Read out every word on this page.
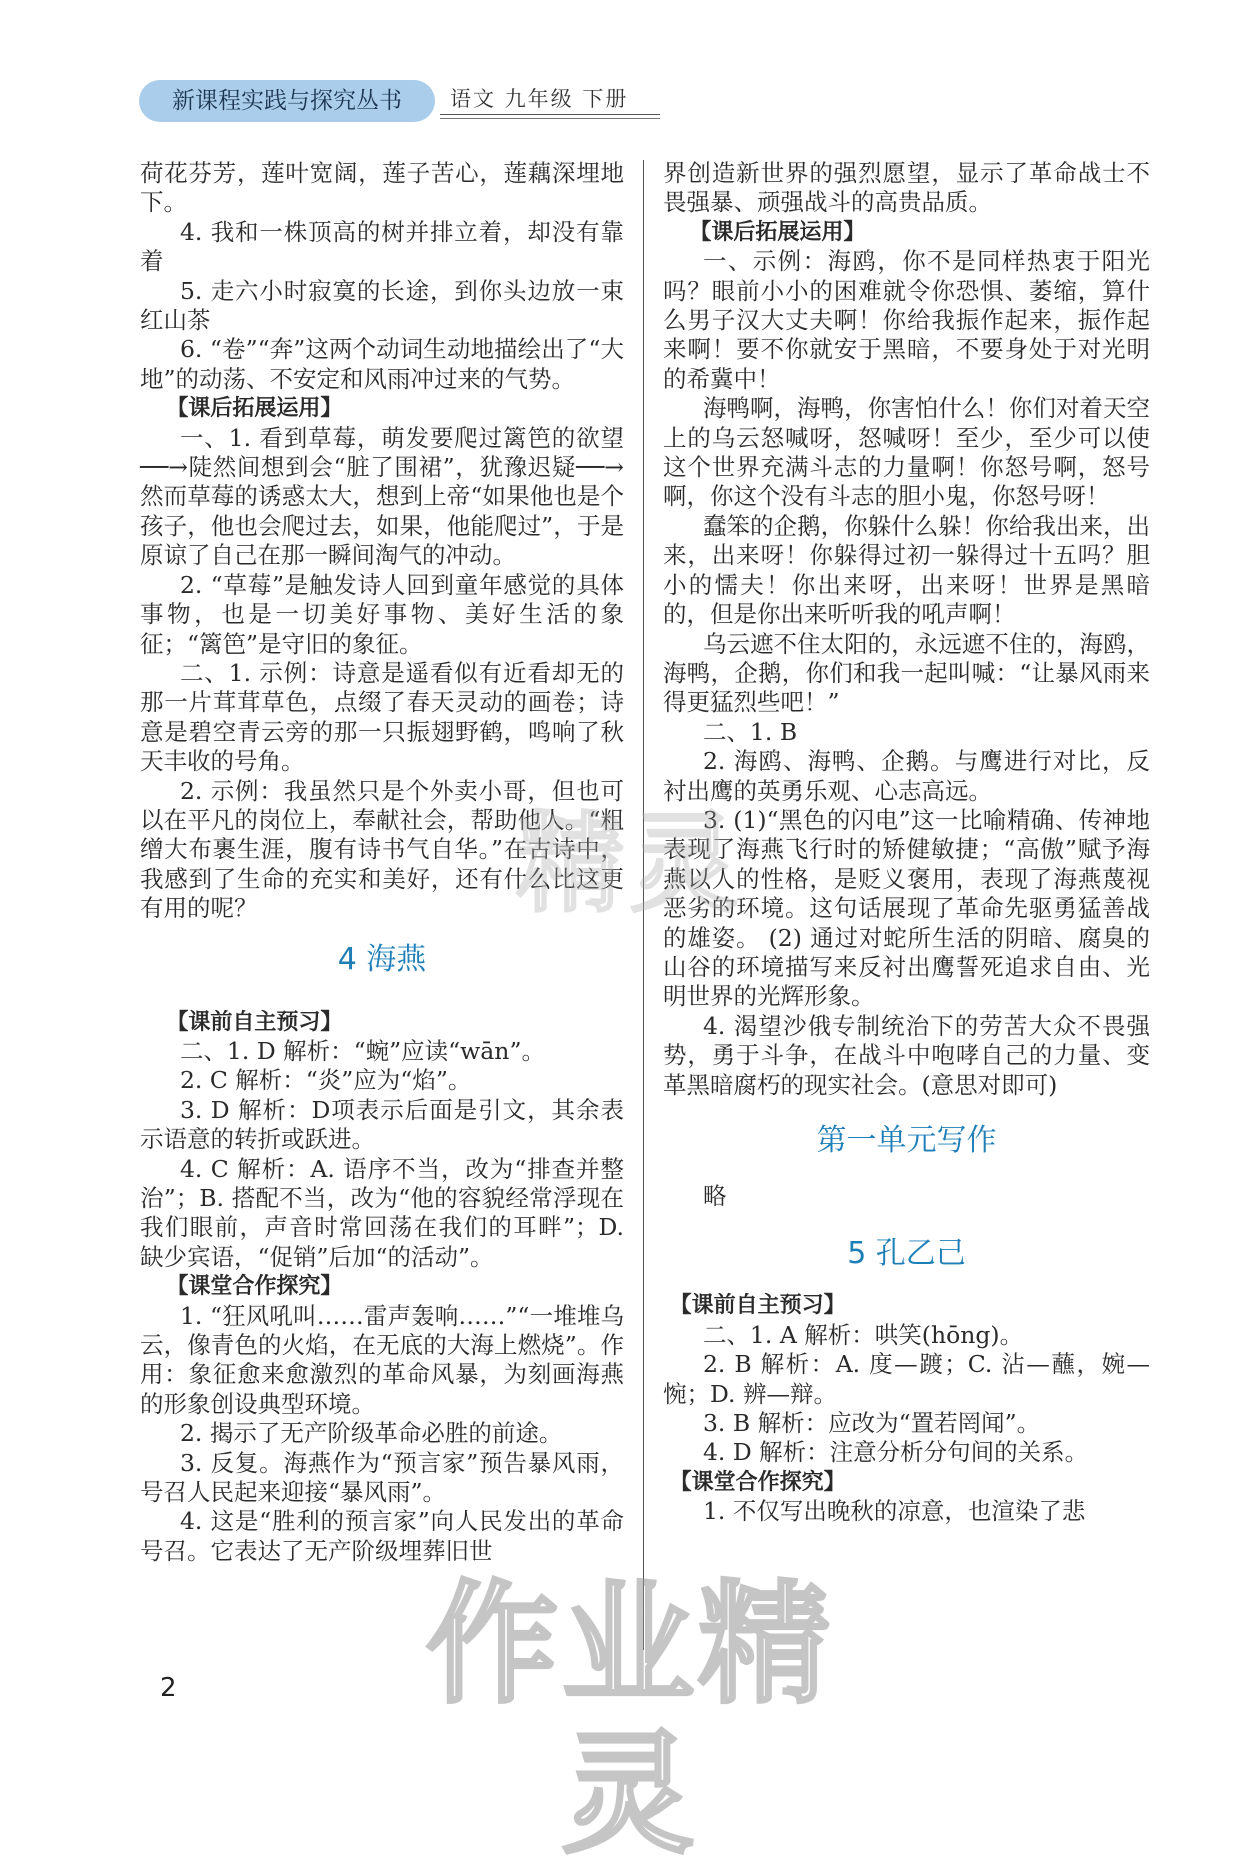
新课程实践与探究丛书	语文 九年级 下册

荷花芬芳，莲叶宽阔，莲子苦心，莲藕深埋地下。

4. 我和一株顶高的树并排立着，却没有靠着

5. 走六小时寂寞的长途，到你头边放一束红山茶

6. “卷”“奔”这两个动词生动地描绘出了“大地”的动荡、不安定和风雨冲过来的气势。

【课后拓展运用】

一、1. 看到草莓，萌发要爬过篱笆的欲望──→陡然间想到会“脏了围裙”，犹豫迟疑──→然而草莓的诱惑太大，想到上帝“如果他也是个孩子，他也会爬过去，如果，他能爬过”，于是原谅了自己在那一瞬间淘气的冲动。

2. “草莓”是触发诗人回到童年感觉的具体事物，也是一切美好事物、美好生活的象征；“篱笆”是守旧的象征。

二、1. 示例：诗意是遥看似有近看却无的那一片茸茸草色，点缀了春天灵动的画卷；诗意是碧空青云旁的那一只振翅野鹤，鸣响了秋天丰收的号角。

2. 示例：我虽然只是个外卖小哥，但也可以在平凡的岗位上，奉献社会，帮助他人。“粗缯大布裹生涯，腹有诗书气自华。”在古诗中，我感到了生命的充实和美好，还有什么比这更有用的呢？

4 海燕

【课前自主预习】

二、1. D 解析：“蜿”应读“wān”。

2. C 解析：“炎”应为“焰”。

3. D 解析：D项表示后面是引文，其余表示语意的转折或跃进。

4. C 解析：A. 语序不当，改为“排查并整治”；B. 搭配不当，改为“他的容貌经常浮现在我们眼前，声音时常回荡在我们的耳畔”；D. 缺少宾语，“促销”后加“的活动”。

【课堂合作探究】

1. “狂风吼叫……雷声轰响……”“一堆堆乌云，像青色的火焰，在无底的大海上燃烧”。作用：象征愈来愈激烈的革命风暴，为刻画海燕的形象创设典型环境。

2. 揭示了无产阶级革命必胜的前途。

3. 反复。海燕作为“预言家”预告暴风雨，号召人民起来迎接“暴风雨”。

4. 这是“胜利的预言家”向人民发出的革命号召。它表达了无产阶级埋葬旧世

界创造新世界的强烈愿望，显示了革命战士不畏强暴、顽强战斗的高贵品质。

【课后拓展运用】

一、示例：海鸥，你不是同样热衷于阳光吗？眼前小小的困难就令你恐惧、萎缩，算什么男子汉大丈夫啊！你给我振作起来，振作起来啊！要不你就安于黑暗，不要身处于对光明的希冀中！

海鸭啊，海鸭，你害怕什么！你们对着天空上的乌云怒喊呀，怒喊呀！至少，至少可以使这个世界充满斗志的力量啊！你怒号啊，怒号啊，你这个没有斗志的胆小鬼，你怒号呀！

蠢笨的企鹅，你躲什么躲！你给我出来，出来，出来呀！你躲得过初一躲得过十五吗？胆小的懦夫！你出来呀，出来呀！世界是黑暗的，但是你出来听听我的吼声啊！

乌云遮不住太阳的，永远遮不住的，海鸥，海鸭，企鹅，你们和我一起叫喊：“让暴风雨来得更猛烈些吧！”

二、1. B

2. 海鸥、海鸭、企鹅。与鹰进行对比，反衬出鹰的英勇乐观、心志高远。

3. (1)“黑色的闪电”这一比喻精确、传神地表现了海燕飞行时的矫健敏捷；“高傲”赋予海燕以人的性格，是贬义褒用，表现了海燕蔑视恶劣的环境。这句话展现了革命先驱勇猛善战的雄姿。 (2) 通过对蛇所生活的阴暗、腐臭的山谷的环境描写来反衬出鹰誓死追求自由、光明世界的光辉形象。

4. 渴望沙俄专制统治下的劳苦大众不畏强势，勇于斗争，在战斗中咆哮自己的力量、变革黑暗腐朽的现实社会。(意思对即可)

第一单元写作

略

5 孔乙己

【课前自主预习】

二、1. A 解析：哄笑(hōng)。

2. B 解析：A. 度—踱；C. 沾—蘸，婉—惋；D. 辨—辩。

3. B 解析：应改为“置若罔闻”。

4. D 解析：注意分析分句间的关系。

【课堂合作探究】

1. 不仅写出晚秋的凉意，也渲染了悲

精灵
作业精灵
2
